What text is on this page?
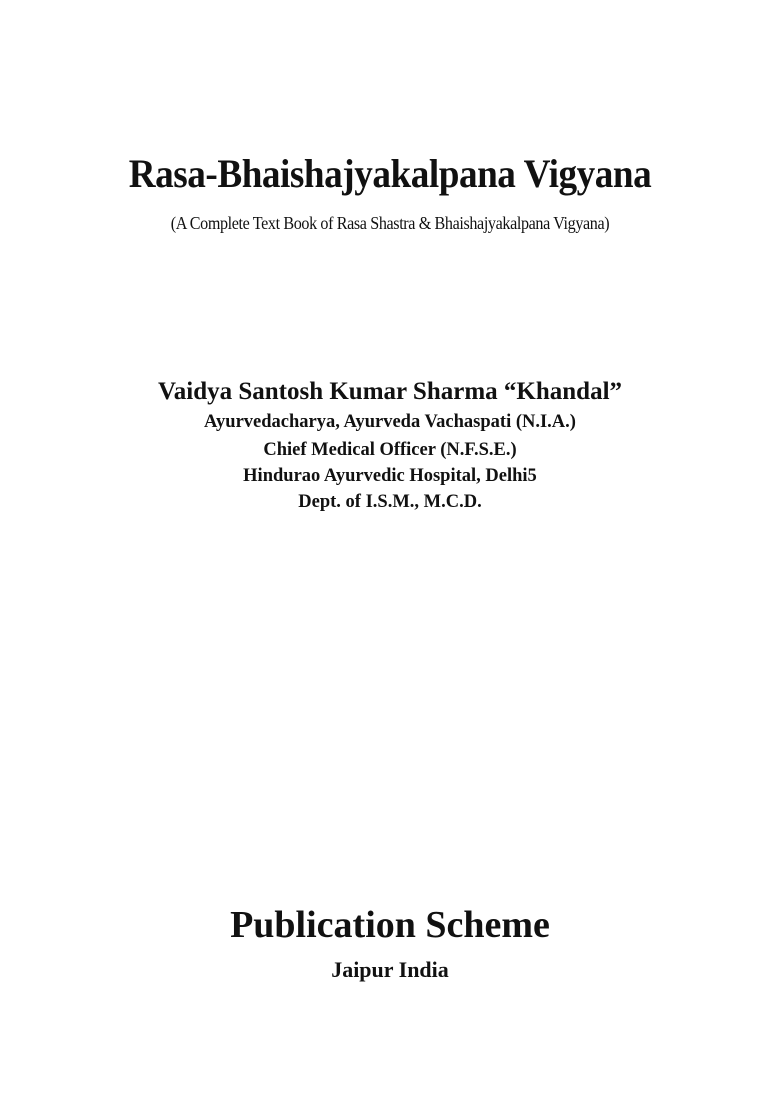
Rasa-Bhaishajyakalpana Vigyana
(A Complete Text Book of Rasa Shastra & Bhaishajyakalpana Vigyana)
Vaidya Santosh Kumar Sharma “Khandal”
Ayurvedacharya, Ayurveda Vachaspati (N.I.A.)
Chief Medical Officer (N.F.S.E.)
Hindurao Ayurvedic Hospital, Delhi5
Dept. of I.S.M., M.C.D.
Publication Scheme
Jaipur India
